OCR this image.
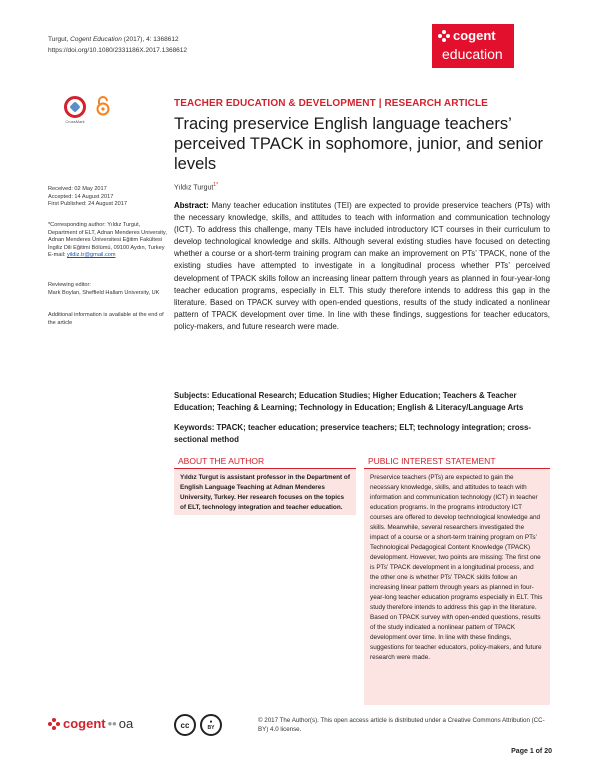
Turgut, Cogent Education (2017), 4: 1368612
https://doi.org/10.1080/2331186X.2017.1368612
cogent
education
CrossMark
TEACHER EDUCATION & DEVELOPMENT | RESEARCH ARTICLE
Tracing preservice English language teachers’ perceived TPACK in sophomore, junior, and senior levels
Yıldız Turgut$^{1*}$
Received: 02 May 2017
Accepted: 14 August 2017
First Published: 24 August 2017
*Corresponding author: Yıldız Turgut, Department of ELT, Adnan Menderes University, Adnan Menderes Üniversitesi Eğitim Fakültesi İngiliz Dili Eğitimi Bölümü, 09100 Aydın, Turkey
E-mail: yildiz.tr@gmail.com
Reviewing editor:
Mark Boylan, Sheffield Hallam University, UK
Additional information is available at the end of the article
Abstract: Many teacher education institutes (TEI) are expected to provide preservice teachers (PTs) with the necessary knowledge, skills, and attitudes to teach with information and communication technology (ICT). To address this challenge, many TEIs have included introductory ICT courses in their curriculum to develop technological knowledge and skills. Although several existing studies have focused on detecting whether a course or a short-term training program can make an improvement on PTs’ TPACK, none of the existing studies have attempted to investigate in a longitudinal process whether PTs’ perceived development of TPACK skills follow an increasing linear pattern through years as planned in four-year-long teacher education programs, especially in ELT. This study therefore intends to address this gap in the literature. Based on TPACK survey with open-ended questions, results of the study indicated a nonlinear pattern of TPACK development over time. In line with these findings, suggestions for teacher educators, policy-makers, and future research were made.
Subjects: Educational Research; Education Studies; Higher Education; Teachers & Teacher Education; Teaching & Learning; Technology in Education; English & Literacy/Language Arts
Keywords: TPACK; teacher education; preservice teachers; ELT; technology integration; cross-sectional method
ABOUT THE AUTHOR
Yıldız Turgut is assistant professor in the Department of English Language Teaching at Adnan Menderes University, Turkey. Her research focuses on the topics of ELT, technology integration and teacher education.
PUBLIC INTEREST STATEMENT
Preservice teachers (PTs) are expected to gain the necessary knowledge, skills, and attitudes to teach with information and communication technology (ICT) in teacher education programs. In the programs introductory ICT courses are offered to develop technological knowledge and skills. Meanwhile, several researchers investigated the impact of a course or a short-term training program on PTs’ Technological Pedagogical Content Knowledge (TPACK) development. However, two points are missing: The first one is PTs’ TPACK development in a longitudinal process, and the other one is whether PTs’ TPACK skills follow an increasing linear pattern through years as planned in four-year-long teacher education programs especially in ELT. This study therefore intends to address this gap in the literature. Based on TPACK survey with open-ended questions, results of the study indicated a nonlinear pattern of TPACK development over time. In line with these findings, suggestions for teacher educators, policy-makers, and future research were made.
cogent •• oa	cc	●
BY
© 2017 The Author(s). This open access article is distributed under a Creative Commons Attribution (CC-BY) 4.0 license.
Page 1 of 20
